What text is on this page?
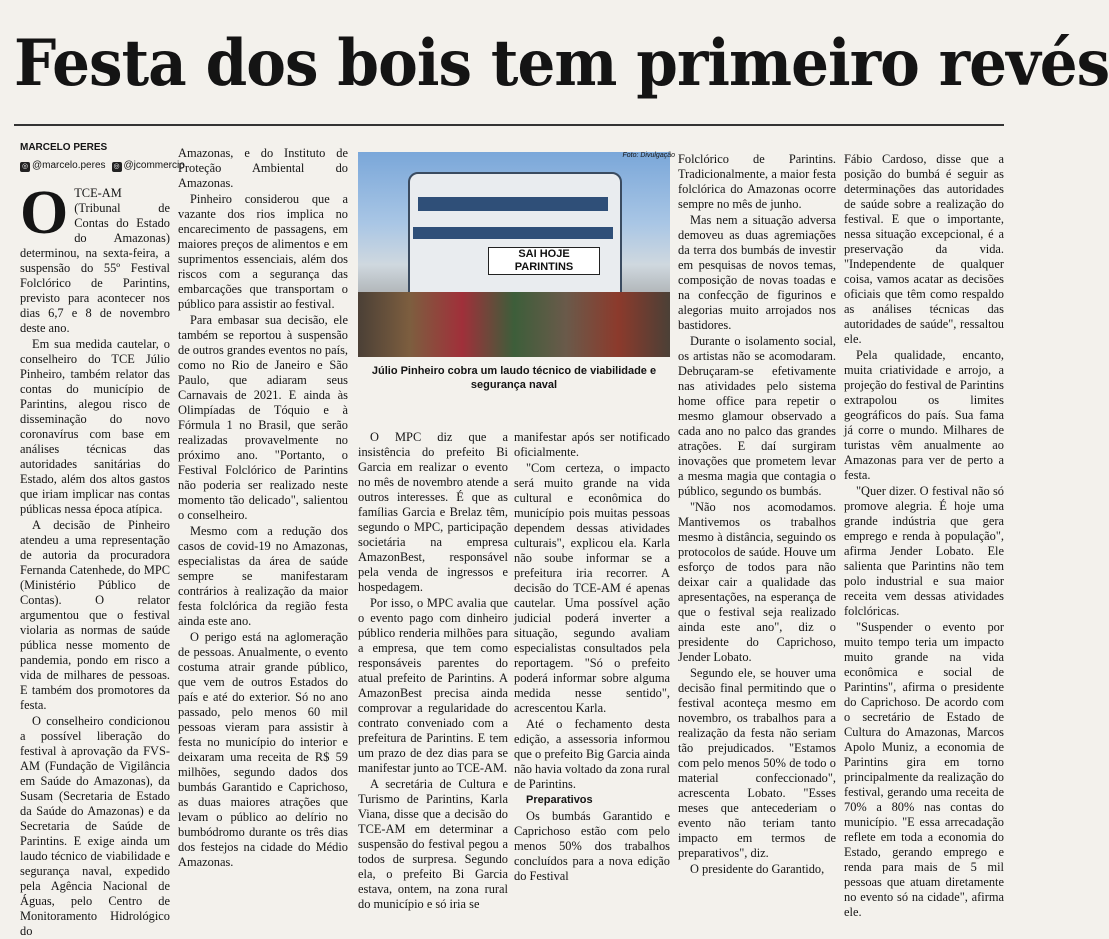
Festa dos bois tem primeiro revés
MARCELO PERES
◎ @marcelo.peres ◎ @jcommercio

OTCE-AM (Tribunal de Contas do Estado do Amazonas) determinou, na sexta-feira, a suspensão do 55º Festival Folclórico de Parintins, previsto para acontecer nos dias 6,7 e 8 de novembro deste ano.

Em sua medida cautelar, o conselheiro do TCE Júlio Pinheiro, também relator das contas do município de Parintins, alegou risco de disseminação do novo coronavírus com base em análises técnicas das autoridades sanitárias do Estado, além dos altos gastos que iriam implicar nas contas públicas nessa época atípica.

A decisão de Pinheiro atendeu a uma representação de autoria da procuradora Fernanda Catenhede, do MPC (Ministério Público de Contas). O relator argumentou que o festival violaria as normas de saúde pública nesse momento de pandemia, pondo em risco a vida de milhares de pessoas. E também dos promotores da festa.

O conselheiro condicionou a possível liberação do festival à aprovação da FVS-AM (Fundação de Vigilância em Saúde do Amazonas), da Susam (Secretaria de Estado da Saúde do Amazonas) e da Secretaria de Saúde de Parintins. E exige ainda um laudo técnico de viabilidade e segurança naval, expedido pela Agência Nacional de Águas, pelo Centro de Monitoramento Hidrológico do

Amazonas, e do Instituto de Proteção Ambiental do Amazonas.

Pinheiro considerou que a vazante dos rios implica no encarecimento de passagens, em maiores preços de alimentos e em suprimentos essenciais, além dos riscos com a segurança das embarcações que transportam o público para assistir ao festival.

Para embasar sua decisão, ele também se reportou à suspensão de outros grandes eventos no país, como no Rio de Janeiro e São Paulo, que adiaram seus Carnavais de 2021. E ainda às Olimpíadas de Tóquio e à Fórmula 1 no Brasil, que serão realizadas provavelmente no próximo ano. "Portanto, o Festival Folclórico de Parintins não poderia ser realizado neste momento tão delicado", salientou o conselheiro.

Mesmo com a redução dos casos de covid-19 no Amazonas, especialistas da área de saúde sempre se manifestaram contrários à realização da maior festa folclórica da região festa ainda este ano.

O perigo está na aglomeração de pessoas. Anualmente, o evento costuma atrair grande público, que vem de outros Estados do país e até do exterior. Só no ano passado, pelo menos 60 mil pessoas vieram para assistir à festa no município do interior e deixaram uma receita de R$ 59 milhões, segundo dados dos bumbás Garantido e Caprichoso, as duas maiores atrações que levam o público ao delírio no bumbódromo durante os três dias dos festejos na cidade do Médio Amazonas.

SAI HOJE PARINTINS
Foto: Divulgação
Júlio Pinheiro cobra um laudo técnico de viabilidade e segurança naval

O MPC diz que a insistência do prefeito Bi Garcia em realizar o evento no mês de novembro atende a outros interesses. É que as famílias Garcia e Brelaz têm, segundo o MPC, participação societária na empresa AmazonBest, responsável pela venda de ingressos e hospedagem.

Por isso, o MPC avalia que o evento pago com dinheiro público renderia milhões para a empresa, que tem como responsáveis parentes do atual prefeito de Parintins. A AmazonBest precisa ainda comprovar a regularidade do contrato conveniado com a prefeitura de Parintins. E tem um prazo de dez dias para se manifestar junto ao TCE-AM.

A secretária de Cultura e Turismo de Parintins, Karla Viana, disse que a decisão do TCE-AM em determinar a suspensão do festival pegou a todos de surpresa. Segundo ela, o prefeito Bi Garcia estava, ontem, na zona rural do município e só iria se

manifestar após ser notificado oficialmente.

"Com certeza, o impacto será muito grande na vida cultural e econômica do município pois muitas pessoas dependem dessas atividades culturais", explicou ela. Karla não soube informar se a prefeitura iria recorrer. A decisão do TCE-AM é apenas cautelar. Uma possível ação judicial poderá inverter a situação, segundo avaliam especialistas consultados pela reportagem. "Só o prefeito poderá informar sobre alguma medida nesse sentido", acrescentou Karla.

Até o fechamento desta edição, a assessoria informou que o prefeito Big Garcia ainda não havia voltado da zona rural de Parintins.

Preparativos

Os bumbás Garantido e Caprichoso estão com pelo menos 50% dos trabalhos concluídos para a nova edição do Festival

Folclórico de Parintins. Tradicionalmente, a maior festa folclórica do Amazonas ocorre sempre no mês de junho.

Mas nem a situação adversa demoveu as duas agremiações da terra dos bumbás de investir em pesquisas de novos temas, composição de novas toadas e na confecção de figurinos e alegorias muito arrojados nos bastidores.

Durante o isolamento social, os artistas não se acomodaram. Debruçaram-se efetivamente nas atividades pelo sistema home office para repetir o mesmo glamour observado a cada ano no palco das grandes atrações. E daí surgiram inovações que prometem levar a mesma magia que contagia o público, segundo os bumbás.

"Não nos acomodamos. Mantivemos os trabalhos mesmo à distância, seguindo os protocolos de saúde. Houve um esforço de todos para não deixar cair a qualidade das apresentações, na esperança de que o festival seja realizado ainda este ano", diz o presidente do Caprichoso, Jender Lobato.

Segundo ele, se houver uma decisão final permitindo que o festival aconteça mesmo em novembro, os trabalhos para a realização da festa não seriam tão prejudicados. "Estamos com pelo menos 50% de todo o material confeccionado", acrescenta Lobato. "Esses meses que antecederiam o evento não teriam tanto impacto em termos de preparativos", diz.

O presidente do Garantido,

Fábio Cardoso, disse que a posição do bumbá é seguir as determinações das autoridades de saúde sobre a realização do festival. E que o importante, nessa situação excepcional, é a preservação da vida. "Independente de qualquer coisa, vamos acatar as decisões oficiais que têm como respaldo as análises técnicas das autoridades de saúde", ressaltou ele.

Pela qualidade, encanto, muita criatividade e arrojo, a projeção do festival de Parintins extrapolou os limites geográficos do país. Sua fama já corre o mundo. Milhares de turistas vêm anualmente ao Amazonas para ver de perto a festa.

"Quer dizer. O festival não só promove alegria. É hoje uma grande indústria que gera emprego e renda à população", afirma Jender Lobato. Ele salienta que Parintins não tem polo industrial e sua maior receita vem dessas atividades folclóricas.

"Suspender o evento por muito tempo teria um impacto muito grande na vida econômica e social de Parintins", afirma o presidente do Caprichoso. De acordo com o secretário de Estado de Cultura do Amazonas, Marcos Apolo Muniz, a economia de Parintins gira em torno principalmente da realização do festival, gerando uma receita de 70% a 80% nas contas do município. "E essa arrecadação reflete em toda a economia do Estado, gerando emprego e renda para mais de 5 mil pessoas que atuam diretamente no evento só na cidade", afirma ele.
